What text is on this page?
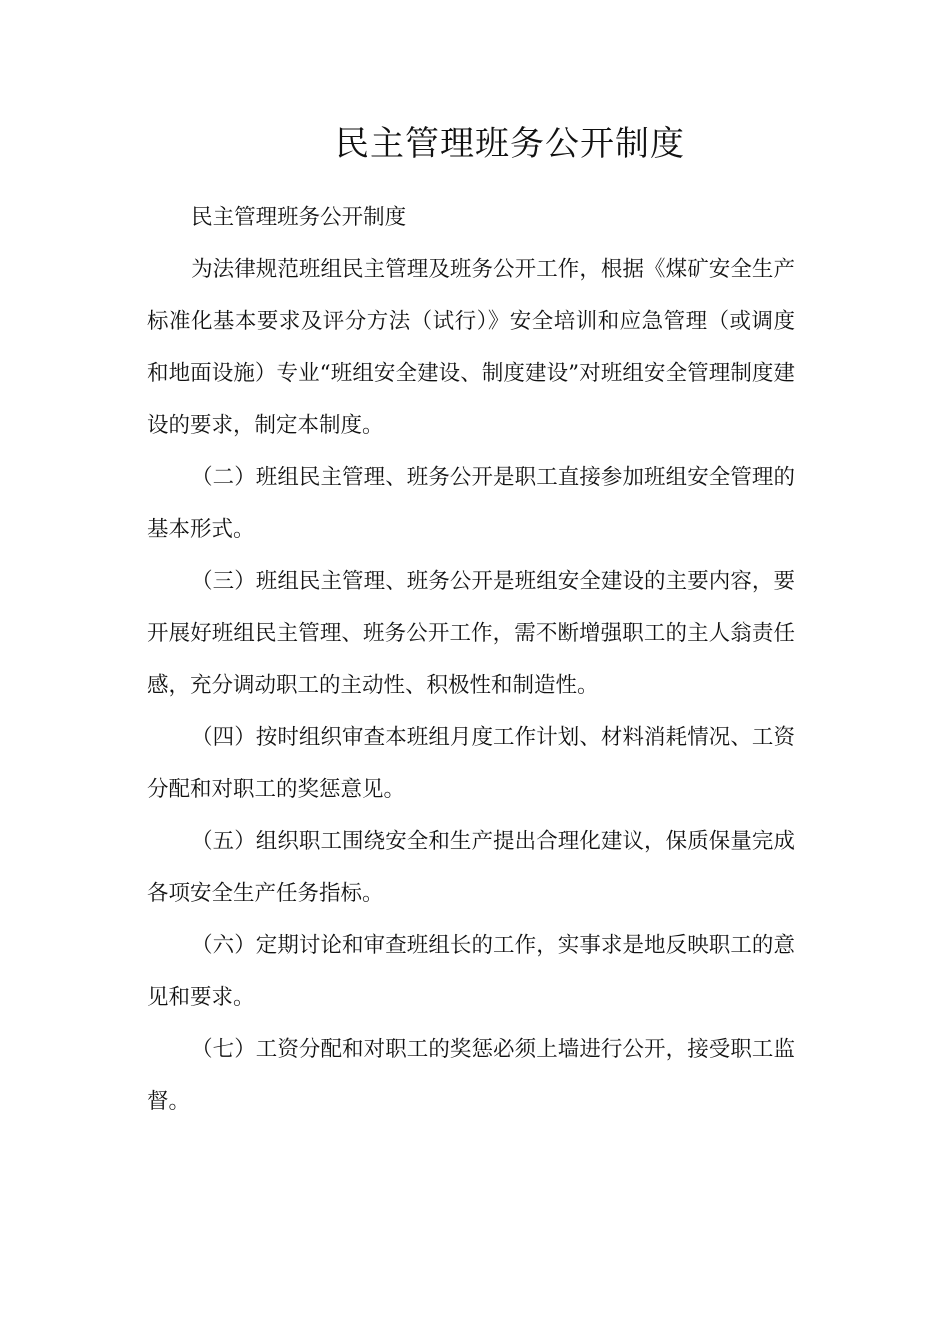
民主管理班务公开制度

民主管理班务公开制度

为法律规范班组民主管理及班务公开工作，根据《煤矿安全生产标准化基本要求及评分方法（试行）》安全培训和应急管理（或调度和地面设施）专业“班组安全建设、制度建设”对班组安全管理制度建设的要求，制定本制度。

（二）班组民主管理、班务公开是职工直接参加班组安全管理的基本形式。

（三）班组民主管理、班务公开是班组安全建设的主要内容，要开展好班组民主管理、班务公开工作，需不断增强职工的主人翁责任感，充分调动职工的主动性、积极性和制造性。

（四）按时组织审查本班组月度工作计划、材料消耗情况、工资分配和对职工的奖惩意见。

（五）组织职工围绕安全和生产提出合理化建议，保质保量完成各项安全生产任务指标。

（六）定期讨论和审查班组长的工作，实事求是地反映职工的意见和要求。

（七）工资分配和对职工的奖惩必须上墙进行公开，接受职工监督。
